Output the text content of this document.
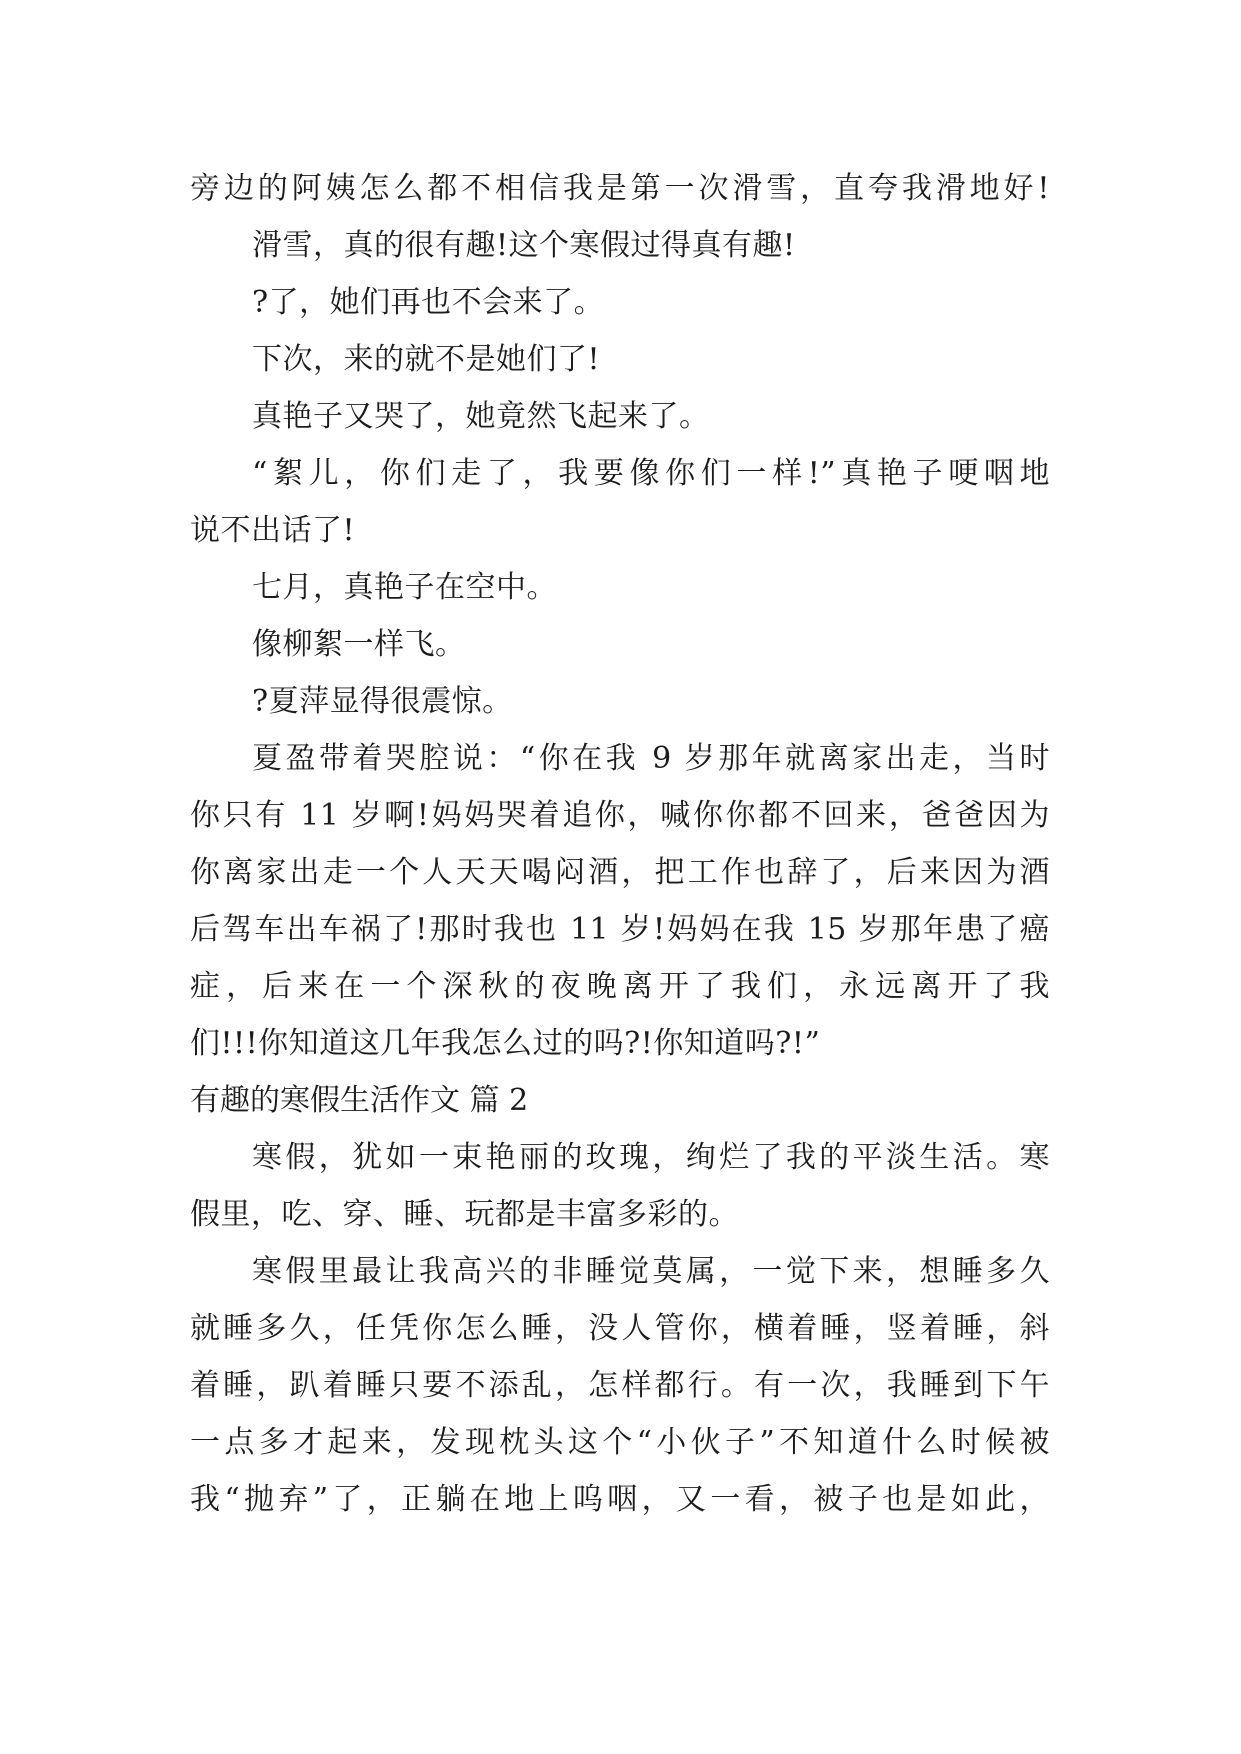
旁边的阿姨怎么都不相信我是第一次滑雪，直夸我滑地好!
滑雪，真的很有趣!这个寒假过得真有趣!
?了，她们再也不会来了。
下次，来的就不是她们了!
真艳子又哭了，她竟然飞起来了。
“絮儿，你们走了，我要像你们一样!”真艳子哽咽地
说不出话了!
七月，真艳子在空中。
像柳絮一样飞。
?夏萍显得很震惊。
夏盈带着哭腔说：“你在我 9 岁那年就离家出走，当时
你只有 11 岁啊!妈妈哭着追你，喊你你都不回来，爸爸因为
你离家出走一个人天天喝闷酒，把工作也辞了，后来因为酒
后驾车出车祸了!那时我也 11 岁!妈妈在我 15 岁那年患了癌
症，后来在一个深秋的夜晚离开了我们，永远离开了我
们!!!你知道这几年我怎么过的吗?!你知道吗?!”
有趣的寒假生活作文 篇 2
寒假，犹如一束艳丽的玫瑰，绚烂了我的平淡生活。寒
假里，吃、穿、睡、玩都是丰富多彩的。
寒假里最让我高兴的非睡觉莫属，一觉下来，想睡多久
就睡多久，任凭你怎么睡，没人管你，横着睡，竖着睡，斜
着睡，趴着睡只要不添乱，怎样都行。有一次，我睡到下午
一点多才起来，发现枕头这个“小伙子”不知道什么时候被
我“抛弃”了，正躺在地上呜咽，又一看，被子也是如此，
